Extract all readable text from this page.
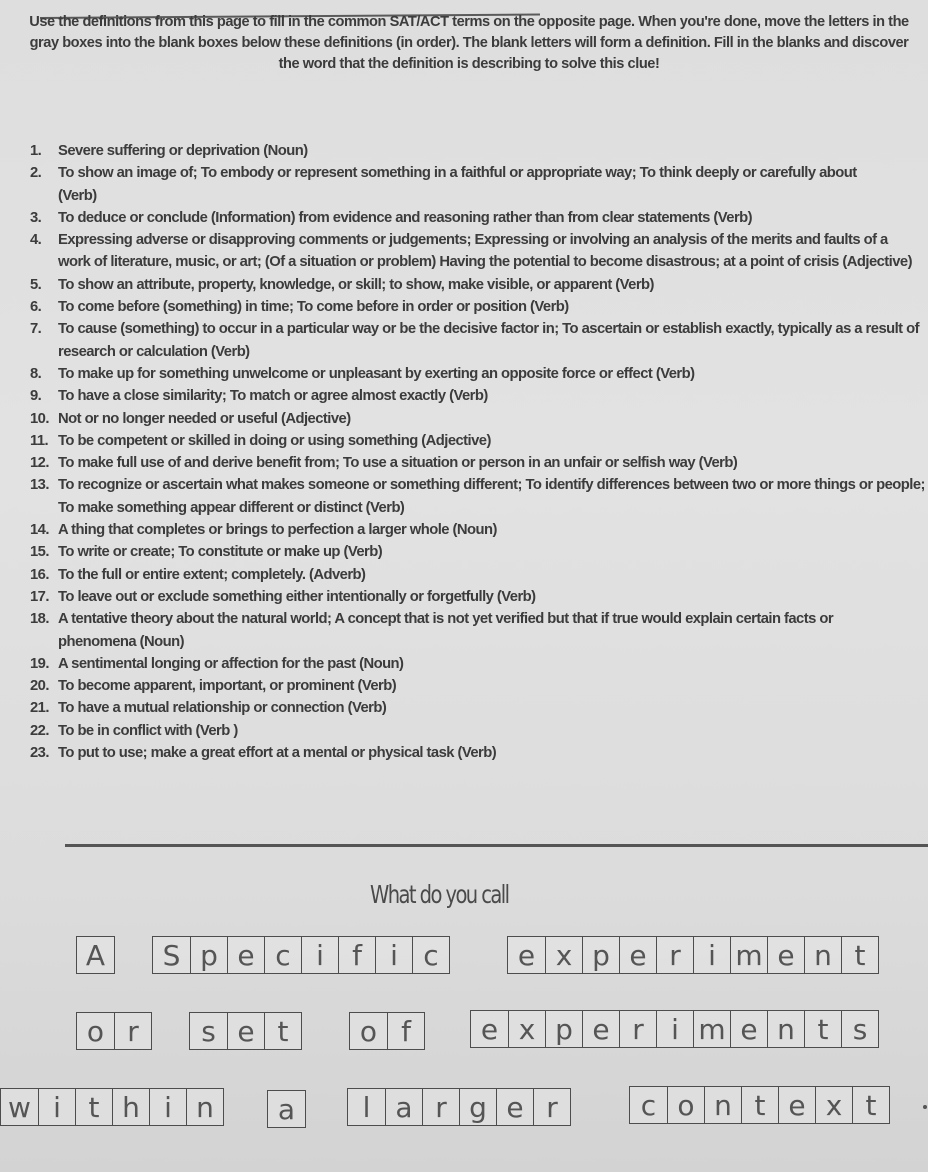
Use the definitions from this page to fill in the common SAT/ACT terms on the opposite page. When you're done, move the letters in the gray boxes into the blank boxes below these definitions (in order). The blank letters will form a definition. Fill in the blanks and discover the word that the definition is describing to solve this clue!
1.	Severe suffering or deprivation (Noun)
2.	To show an image of; To embody or represent something in a faithful or appropriate way; To think deeply or carefully about (Verb)
3.	To deduce or conclude (Information) from evidence and reasoning rather than from clear statements (Verb)
4.	Expressing adverse or disapproving comments or judgements; Expressing or involving an analysis of the merits and faults of a work of literature, music, or art; (Of a situation or problem) Having the potential to become disastrous; at a point of crisis (Adjective)
5.	To show an attribute, property, knowledge, or skill; to show, make visible, or apparent (Verb)
6.	To come before (something) in time; To come before in order or position (Verb)
7.	To cause (something) to occur in a particular way or be the decisive factor in; To ascertain or establish exactly, typically as a result of research or calculation (Verb)
8.	To make up for something unwelcome or unpleasant by exerting an opposite force or effect (Verb)
9.	To have a close similarity; To match or agree almost exactly (Verb)
10. Not or no longer needed or useful (Adjective)
11. To be competent or skilled in doing or using something (Adjective)
12. To make full use of and derive benefit from; To use a situation or person in an unfair or selfish way (Verb)
13. To recognize or ascertain what makes someone or something different; To identify differences between two or more things or people; To make something appear different or distinct (Verb)
14. A thing that completes or brings to perfection a larger whole (Noun)
15. To write or create; To constitute or make up (Verb)
16. To the full or entire extent; completely. (Adverb)
17. To leave out or exclude something either intentionally or forgetfully (Verb)
18. A tentative theory about the natural world; A concept that is not yet verified but that if true would explain certain facts or phenomena (Noun)
19. A sentimental longing or affection for the past (Noun)
20. To become apparent, important, or prominent (Verb)
21. To have a mutual relationship or connection (Verb)
22. To be in conflict with (Verb )
23. To put to use; make a great effort at a mental or physical task (Verb)
What do you call
A	S p e c i	f	i c	e x p e r i m e n t
o r	s e t	o f	e x p e r i m e n t s
w i t h i n	a	l a r g e r	c o n t e x t
